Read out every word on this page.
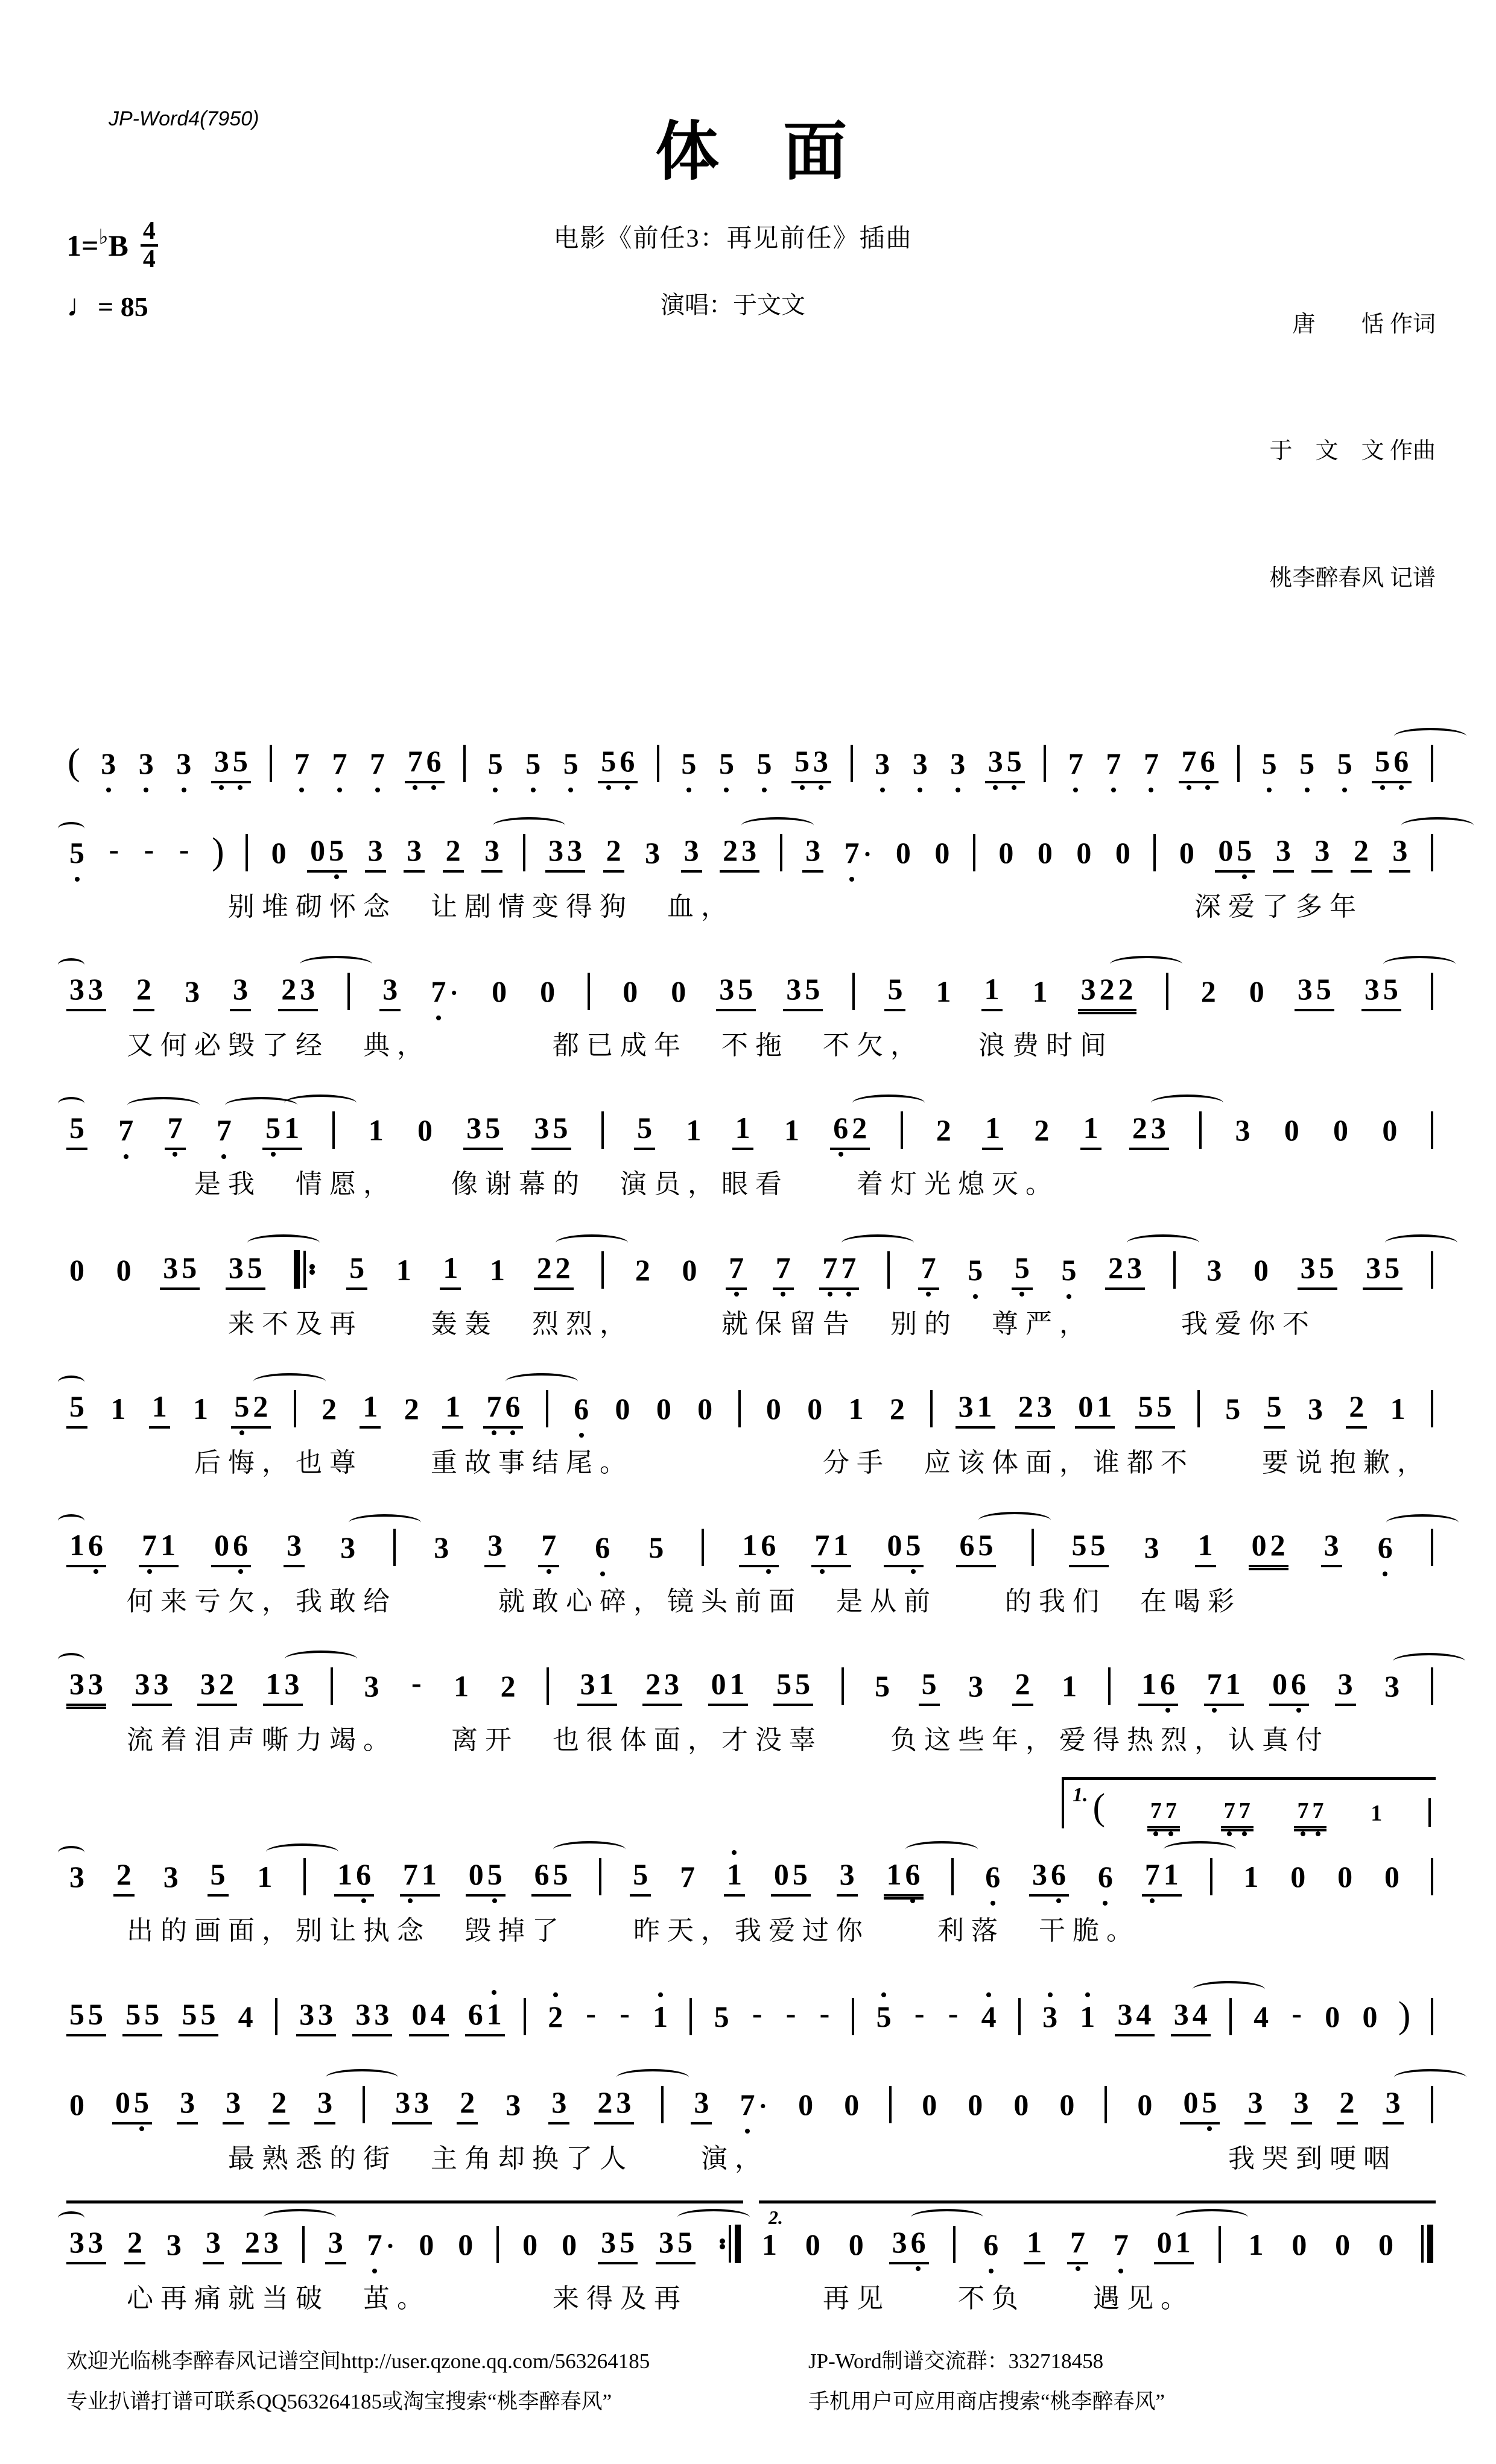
JP-Word4(7950)	体　面
1= ♭ B $\frac{4}{4}$
♩= 85
电影《前任3：再见前任》插曲
演唱：于文文

唐　　恬 作词

于　文　文 作曲

桃李醉春风 记谱

( 3 3 3 3 5 7 7 7 7 6 5 5 5 5 6 5 5 5 5 3 3 3 3 3 5 7 7 7 7 6 5 5 5 5 6
5 - - - ) 0 0 5 3 3 2 3 3 3 2 3 3 2 3 3 7 · 0 0 0 0 0 0 0 0 5 3 3 2 3
　　　别堆砌怀念　让剧情变得狗　血，　　　　　　　　　　　　　　深爱了多年
3 3 2 3 3 2 3 3 7 · 0 0 0 0 3 5 3 5 5 1 1 1 3 2 2 2 0 3 5 3 5
又何必毁了经　典，　　　　都已成年　不拖　不欠，　　浪费时间
5 7 7 7 5 1 1 0 3 5 3 5 5 1 1 1 6 2 2 1 2 1 2 3 3 0 0 0
　　是我　情愿，　　像谢幕的　演员，眼看　　着灯光熄灭。
0 0 3 5 3 5	5 1 1 1 2 2 2 0 7 7 7 7 7 5 5 5 2 3 3 0 3 5 3 5
　　　来不及再　　轰轰　烈烈，　　　就保留告　别的　尊严，　　　我爱你不
5 1 1 1 5 2 2 1 2 1 7 6 6 0 0 0 0 0 1 2 3 1 2 3 0 1 5 5 5 5 3 2 1
　　后悔，也尊　　重故事结尾。　　　　　　分手　应该体面，谁都不　　要说抱歉，
1 6 7 1 0 6 3 3	3 3 7 6 5	1 6 7 1 0 5 6 5	5 5 3 1 0 2 3 6
何来亏欠，我敢给　　　就敢心碎，镜头前面　是从前　　的我们　在喝彩
3 3 3 3 3 2 1 3 3 - 1 2 3 1 2 3 0 1 5 5 5 5 3 2 1 1 6 7 1 0 6 3 3
流着泪声嘶力竭。　　离开　也很体面，才没辜　　负这些年，爱得热烈，认真付
1. ( 7 7 7 7 7 7 1
3 2 3 5 1 1 6 7 1 0 5 6 5 5 7 1 0 5 3 1 6 6 3 6 6 7 1 1 0 0 0
出的画面，别让执念　毁掉了　　昨天，我爱过你　　利落　干脆。
5 5 5 5 5 5 4 3 3 3 3 0 4 6 1 2 - - 1 5 - - - 5 - - 4 3 1 3 4 3 4 4 - 0 0 )
0 0 5 3 3 2 3 3 3 2 3 3 2 3 3 7 · 0 0 0 0 0 0 0 0 5 3 3 2 3
　　　最熟悉的街　主角却换了人　　演，　　　　　　　　　　　　　　我哭到哽咽
3 3 2 3 3 2 3 3 7 · 0 0 0 0 3 5 3 5
2.
1 0 0 3 6 6 1 7 7 0 1 1 0 0 0
心再痛就当破　茧。　　　　来得及再　　　　再见　　不负　　遇见。
欢迎光临桃李醉春风记谱空间http://user.qzone.qq.com/563264185	JP-Word制谱交流群：332718458
专业扒谱打谱可联系QQ563264185或淘宝搜索“桃李醉春风”	手机用户可应用商店搜索“桃李醉春风”
